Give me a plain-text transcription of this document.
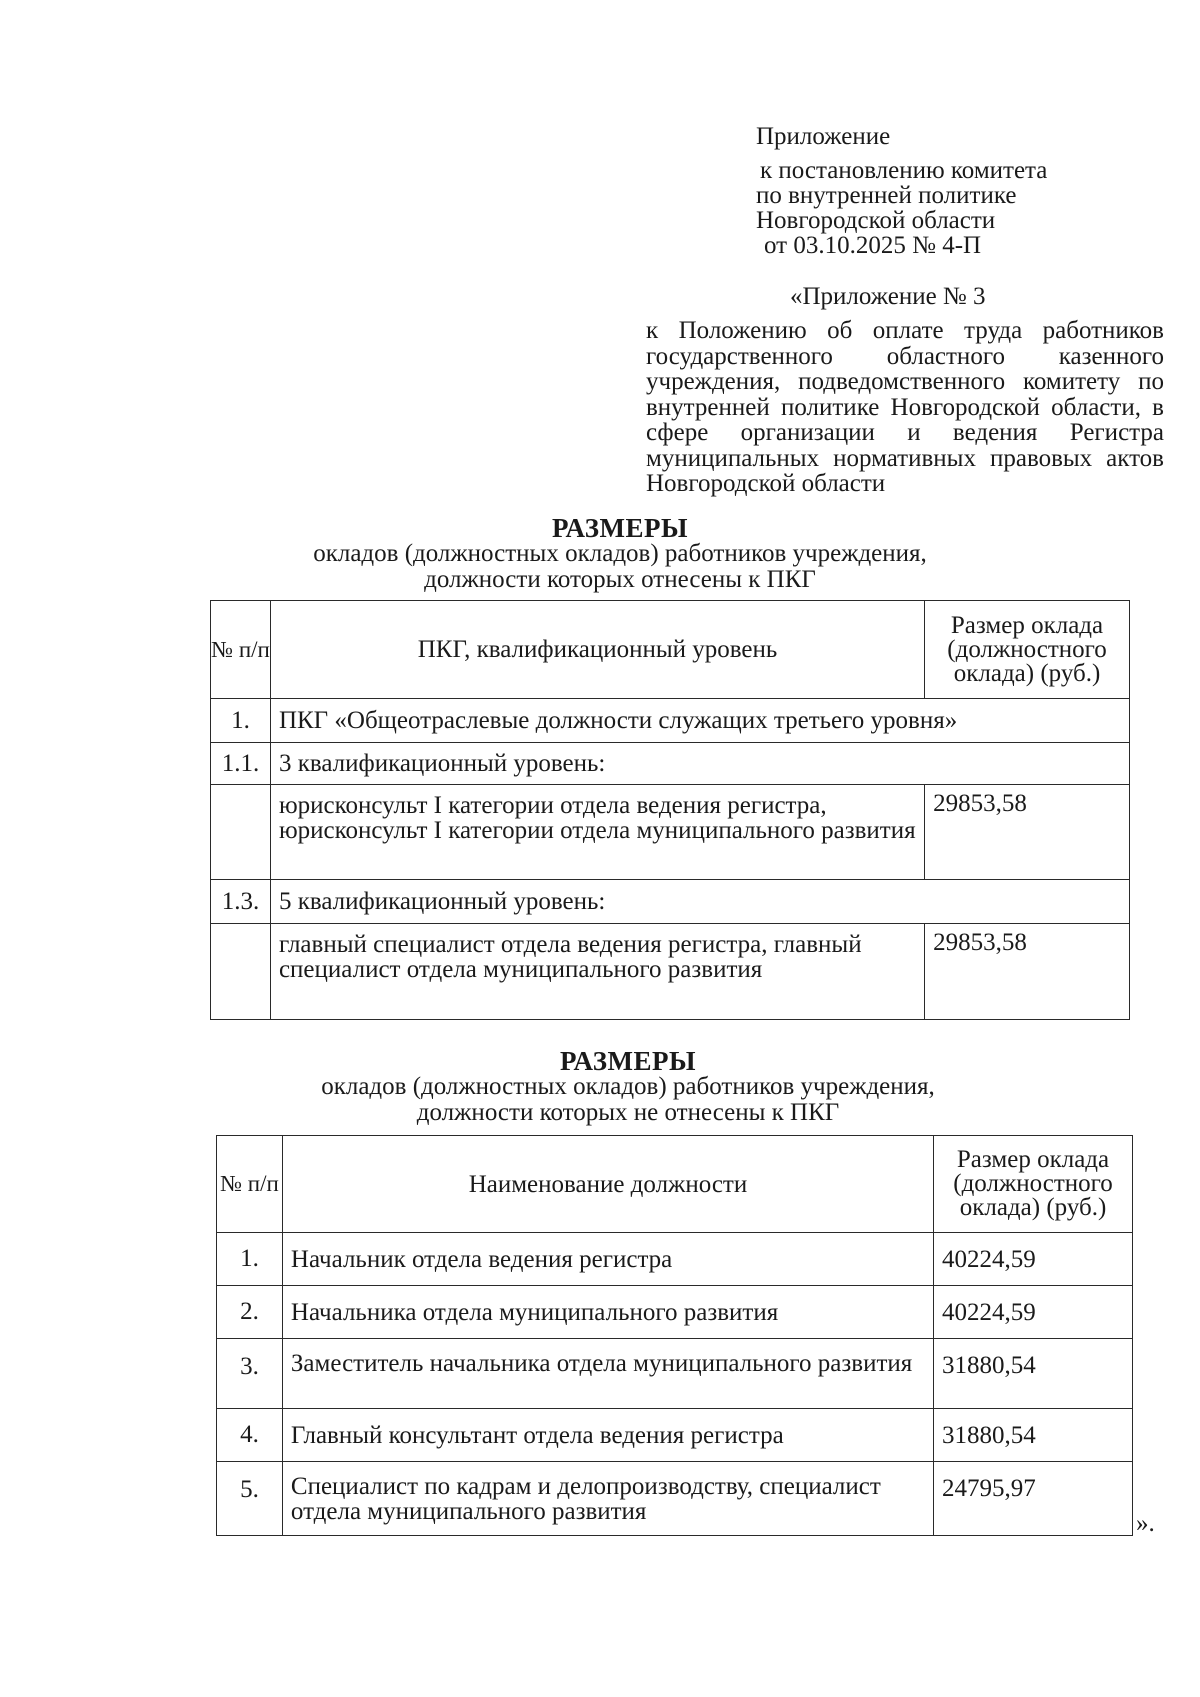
Приложение
к постановлению комитета
по внутренней политике
Новгородской области
от 03.10.2025 № 4-П
«Приложение № 3
к Положению об оплате труда работников государственного областного казенного учреждения, подведомственного комитету по внутренней политике Новгородской области, в сфере организации и ведения Регистра муниципальных нормативных правовых актов Новгородской области
РАЗМЕРЫ
окладов (должностных окладов) работников учреждения,
должности которых отнесены к ПКГ
№ п/п	ПКГ, квалификационный уровень	Размер оклада (должностного оклада) (руб.)
1.	ПКГ «Общеотраслевые должности служащих третьего уровня»	
1.1.	3 квалификационный уровень:	
	юрисконсульт I категории отдела ведения регистра, юрисконсульт I категории отдела муниципального развития	29853,58
1.3.	5 квалификационный уровень:	
	главный специалист отдела ведения регистра, главный специалист отдела муниципального развития	29853,58
РАЗМЕРЫ
окладов (должностных окладов) работников учреждения,
должности которых не отнесены к ПКГ
№ п/п	Наименование должности	Размер оклада (должностного оклада) (руб.)
1.	Начальник отдела ведения регистра	40224,59
2.	Начальника отдела муниципального развития	40224,59
3.	Заместитель начальника отдела муниципального развития	31880,54
4.	Главный консультант отдела ведения регистра	31880,54
5.	Специалист по кадрам и делопроизводству, специалист отдела муниципального развития	24795,97
».
